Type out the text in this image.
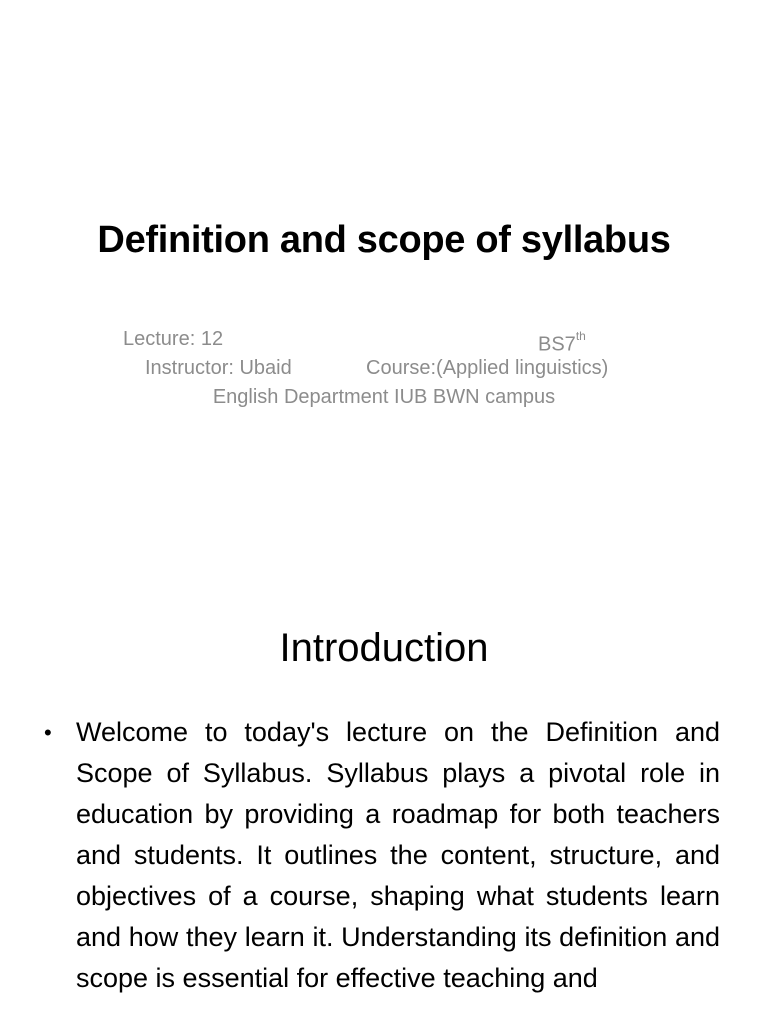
Definition and scope of syllabus
Lecture: 12	BS7th
Instructor: Ubaid	Course:(Applied linguistics)
English Department IUB BWN campus
Introduction
• Welcome to today's lecture on the Definition and Scope of Syllabus. Syllabus plays a pivotal role in education by providing a roadmap for both teachers and students. It outlines the content, structure, and objectives of a course, shaping what students learn and how they learn it. Understanding its definition and scope is essential for effective teaching and
